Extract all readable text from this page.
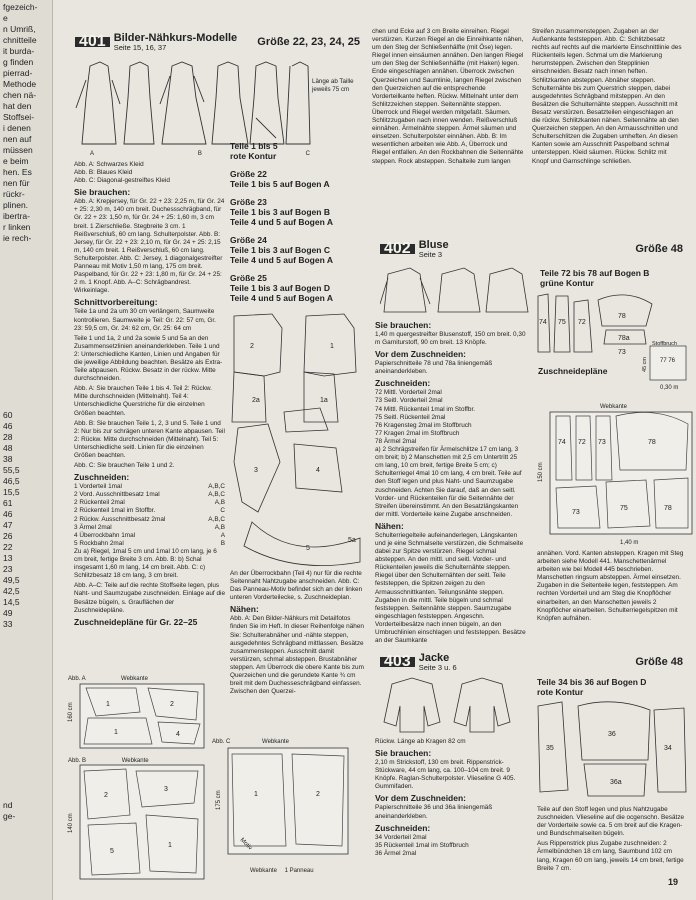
fgezeich-
e
n Umriß,
chnitteile
it burda-
g finden
pierrad-
Methode
chen nä-
hat den
Stoffsei-
i denen
nen auf
müssen
e beim
hen. Es
nen für
rückr-
plinen.
ibertra-
r linken
ie rech-
60
46
28
48
38
55,5
46,5
15,5
61
46
47
26
22
13
23
49,5
42,5
14,5
49
33
nd
ge-
401 Bilder-Nähkurs-Modelle
Seite 15, 16, 37	Größe 22, 23, 24, 25
Länge ab Taille jeweils 75 cm
A	B	C
Abb. A: Schwarzes Kleid
Abb. B: Blaues Kleid
Abb. C: Diagonal-gestreiftes Kleid
Sie brauchen:

Abb. A: Krepjersey, für Gr. 22 + 23: 2,25 m, für Gr. 24 + 25: 2,30 m, 140 cm breit. Duchessschrägband, für Gr. 22 + 23: 1,50 m, für Gr. 24 + 25: 1,60 m, 3 cm breit. 1 Zierschließe. Stegbreite 3 cm. 1 Reißverschluß, 60 cm lang. Schulterpolster. Abb. B: Jersey, für Gr. 22 + 23: 2,10 m, für Gr. 24 + 25: 2,15 m, 140 cm breit. 1 Reißverschluß, 60 cm lang. Schulterpolster. Abb. C: Jersey, 1 diagonalgestreifter Panneau mit Motiv 1,50 m lang, 175 cm breit. Paspelband, für Gr. 22 + 23: 1,80 m, für Gr. 24 + 25: 2 m. 1 Knopf. Abb. A–C: Schrägbandrest. Wirkeinlage.

Schnittvorbereitung:

Teile 1a und 2a um 30 cm verlängern, Saumweite kontrollieren. Saumweite je Teil: Gr. 22: 57 cm, Gr. 23: 59,5 cm, Gr. 24: 62 cm, Gr. 25: 64 cm

Teile 1 und 1a, 2 und 2a sowie 5 und 5a an den Zusammensetzlinien aneinanderkleben. Teile 1 und 2: Unterschiedliche Kanten, Linien und Angaben für die jeweilige Abbildung beachten. Besätze als Extra-Teile abpausen. Rückw. Besatz in der rückw. Mitte durchschneiden.

Abb. A: Sie brauchen Teile 1 bis 4. Teil 2: Rückw. Mitte durchschneiden (Mittelnaht). Teil 4: Unterschiedliche Querstriche für die einzelnen Größen beachten.

Abb. B: Sie brauchen Teile 1, 2, 3 und 5. Teile 1 und 2: Nur bis zur schrägen unteren Kante abpausen. Teil 2: Rückw. Mitte durchschneiden (Mittelnaht). Teil 5: Unterschiedliche seitl. Linien für die einzelnen Größen beachten.

Abb. C: Sie brauchen Teile 1 und 2.

Zuschneiden:
1 Vorderteil 1mal	A,B,C
2 Vord. Ausschnittbesatz 1mal	A,B,C
2 Rückenteil 2mal	A,B
2 Rückenteil 1mal im Stoffbr.	C
2 Rückw. Ausschnittbesatz 2mal	A,B,C
3 Ärmel 2mal	A,B
4 Überrockbahn 1mal	A
5 Rockbahn 2mal	B

Zu a) Riegel, 1mal 5 cm und 1mal 10 cm lang, je 6 cm breit, fertige Breite 3 cm. Abb. B: b) Schal insgesamt 1,60 m lang, 14 cm breit. Abb. C: c) Schlitzbesatz 18 cm lang, 3 cm breit.

Abb. A–C: Teile auf die rechte Stoffseite legen, plus Naht- und Saumzugabe zuschneiden. Einlage auf die Besätze bügeln, s. Grauflächen der Zuschneidepläne.

Zuschneidepläne für Gr. 22–25
Abb. A	Webkante
1
1
2
4
160 cm
Abb. B	Webkante
2
3
5
1
140 cm
Abb. C	Webkante
1	2
Motiv
175 cm
Webkante 1 Panneau
Teile 1 bis 5
rote Kontur
Größe 22
Teile 1 bis 5 auf Bogen A
Größe 23
Teile 1 bis 3 auf Bogen B
Teile 4 und 5 auf Bogen A
Größe 24
Teile 1 bis 3 auf Bogen C
Teile 4 und 5 auf Bogen A
Größe 25
Teile 1 bis 3 auf Bogen D
Teile 4 und 5 auf Bogen A
2
2a
1
1a
3	4
5
5a

An der Überrockbahn (Teil 4) nur für die rechte Seitennaht Nahtzugabe anschneiden. Abb. C: Das Panneau-Motiv befindet sich an der linken unteren Vorderteilecke, s. Zuschneideplan.

Nähen:

Abb. A: Den Bilder-Nähkurs mit Detailfotos finden Sie im Heft. In dieser Reihenfolge nähen Sie: Schulterabnäher und -nähte steppen, ausgedehntes Schrägband mittlassen. Besätze zusammensteppen. Ausschnitt damit verstürzen, schmal absteppen. Brustabnäher steppen. Am Überrock die obere Kante bis zum Querzeichen und die gerundete Kante ¾ cm breit mit dem Duchesseschrägband einfassen. Zwischen den Querzei-

chen und Ecke auf 3 cm Breite einreihen. Riegel verstürzen. Kurzen Riegel an die Einreihkante nähen, um den Steg der Schließenhälfte (mit Öse) legen. Riegel innen einsäumen annähen. Den langen Riegel um den Steg der Schließenhälfte (mit Haken) legen. Ende eingeschlagen annähen. Überrock zwischen Querzeichen und Saumlinie, langen Riegel zwischen den Querzeichen auf die entsprechende Vorderteilkante heften. Rückw. Mittelnaht unter dem Schlitzzeichen steppen. Seitennähte steppen. Überrock und Riegel werden mitgefaßt. Säumen. Schlitzzugaben nach innen wenden. Reißverschluß einnähen. Ärmelnähte steppen. Ärmel säumen und einsetzen. Schulterpolster einnähen. Abb. B: Im wesentlichen arbeiten wie Abb. A, Überrock und Riegel entfallen. An den Rockbahnen die Seitennähte steppen. Rock absteppen. Schalteile zum langen

Streifen zusammensteppen. Zugaben an der Außenkante feststeppen. Abb. C: Schlitzbesatz rechts auf rechts auf die markierte Einschnittlinie des Rückenteils legen. Schmal um die Markierung herumsteppen. Zwischen den Stepplinien einschneiden. Besatz nach innen heften. Schlitzkanten absteppen. Abnäher steppen. Schulternähte bis zum Querstrich steppen, dabei ausgedehntes Schrägband mitsteppen. An den Besätzen die Schulternähte steppen. Ausschnitt mit Besatz verstürzen. Besatzteilen eingeschlagen an die rückw. Schlitzkanten nähen. Seitennähte ab den Querzeichen steppen. An den Armausschnitten und Schulterschlitzen die Zugaben umheften. An diesen Kanten sowie am Ausschnitt Paspelband schmal untersteppen. Kleid säumen. Rückw. Schlitz mit Knopf und Garnschlinge schließen.

402 Bluse
Seite 3	Größe 48
Sie brauchen:

1,40 m quergestreifter Blusenstoff, 150 cm breit. 0,30 m Garniturstoff, 90 cm breit. 13 Knöpfe.

Vor dem Zuschneiden:

Papierschnitteile 78 und 78a liniengemäß aneinanderkleben.

Zuschneiden:
72 Mittl. Vorderteil 2mal
73 Seitl. Vorderteil 2mal
74 Mittl. Rückenteil 1mal im Stoffbr.
75 Seitl. Rückenteil 2mal
76 Kragensteg 2mal im Stoffbruch
77 Kragen 2mal im Stoffbruch
78 Ärmel 2mal

a) 2 Schrägstreifen für Ärmelschlitze 17 cm lang, 3 cm breit; b) 2 Manschetten mit 2,5 cm Untertritt 25 cm lang, 10 cm breit, fertige Breite 5 cm; c) Schulterriegel 4mal 10 cm lang, 4 cm breit. Teile auf den Stoff legen und plus Naht- und Saumzugabe zuschneiden. Achten Sie darauf, daß an den seitl. Vorder- und Rückenteilen für die Seitennähte der Streifen übereinstimmt. An den Besatzlängskanten der mittl. Vorderteile keine Zugabe anschneiden.

Nähen:

Schulterriegelteile aufeinanderlegen, Längskanten und je eine Schmalseite verstürzen, die Schmalseite dabei zur Spitze verstürzen. Riegel schmal absteppen. An den mittl. und seitl. Vorder- und Rückenteilen jeweils die Schulternähte steppen. Riegel über den Schulternähten der seitl. Teile feststeppen, die Spitzen zeigen zu den Armausschnittkanten. Teilungsnähte steppen. Zugaben in die mittl. Teile bügeln und schmal feststeppen. Seitennähte steppen. Saumzugabe eingeschlagen feststeppen. Angeschn. Vorderteilbesätze nach innen bügeln, an den Umbruchlinien einschlagen und feststeppen. Besätze an der Saumkante

Teile 72 bis 78 auf Bogen B
grüne Kontur
74 75 72
78
78a
73
Stoffbruch
45 cm 77 76
0,30 m
Zuschneidepläne
Webkante
74 72 73	78
73
75	78
150 cm
1,40 m

annähen. Vord. Kanten absteppen. Kragen mit Steg arbeiten siehe Modell 441. Manschettenärmel arbeiten wie bei Modell 445 beschrieben. Manschetten ringsum absteppen. Ärmel einsetzen. Zugaben in die Seitenteile legen, feststeppen. Am rechten Vorderteil und am Steg die Knopflöcher einarbeiten, an den Manschetten jeweils 2 Knopflöcher einarbeiten. Schulterriegelspitzen mit Knöpfen aufnähen.

403 Jacke
Seite 3 u. 6	Größe 48

Rückw. Länge ab Kragen 82 cm

Sie brauchen:

2,10 m Strickstoff, 130 cm breit. Rippenstrick-Stückware, 44 cm lang, ca. 100–104 cm breit. 9 Knöpfe. Raglan-Schulterpolster. Vlieseline G 405. Gummifaden.

Vor dem Zuschneiden:

Papierschnitteile 36 und 36a liniengemäß aneinanderkleben.

Zuschneiden:
34 Vorderteil 2mal
35 Rückenteil 1mal im Stoffbruch
36 Ärmel 2mal
Teile 34 bis 36 auf Bogen D
rote Kontur
35
36
36a
34

Teile auf den Stoff legen und plus Nahtzugabe zuschneiden. Vlieseline auf die ocgenschn. Besätze der Vorderteile sowie ca. 5 cm breit auf die Kragen- und Bundschmalseiten bügeln.

Aus Rippenstrick plus Zugabe zuschneiden: 2 Ärmelbündchen 18 cm lang, Saumbund 102 cm lang, Kragen 60 cm lang, jeweils 14 cm breit, fertige Breite 7 cm.

19
